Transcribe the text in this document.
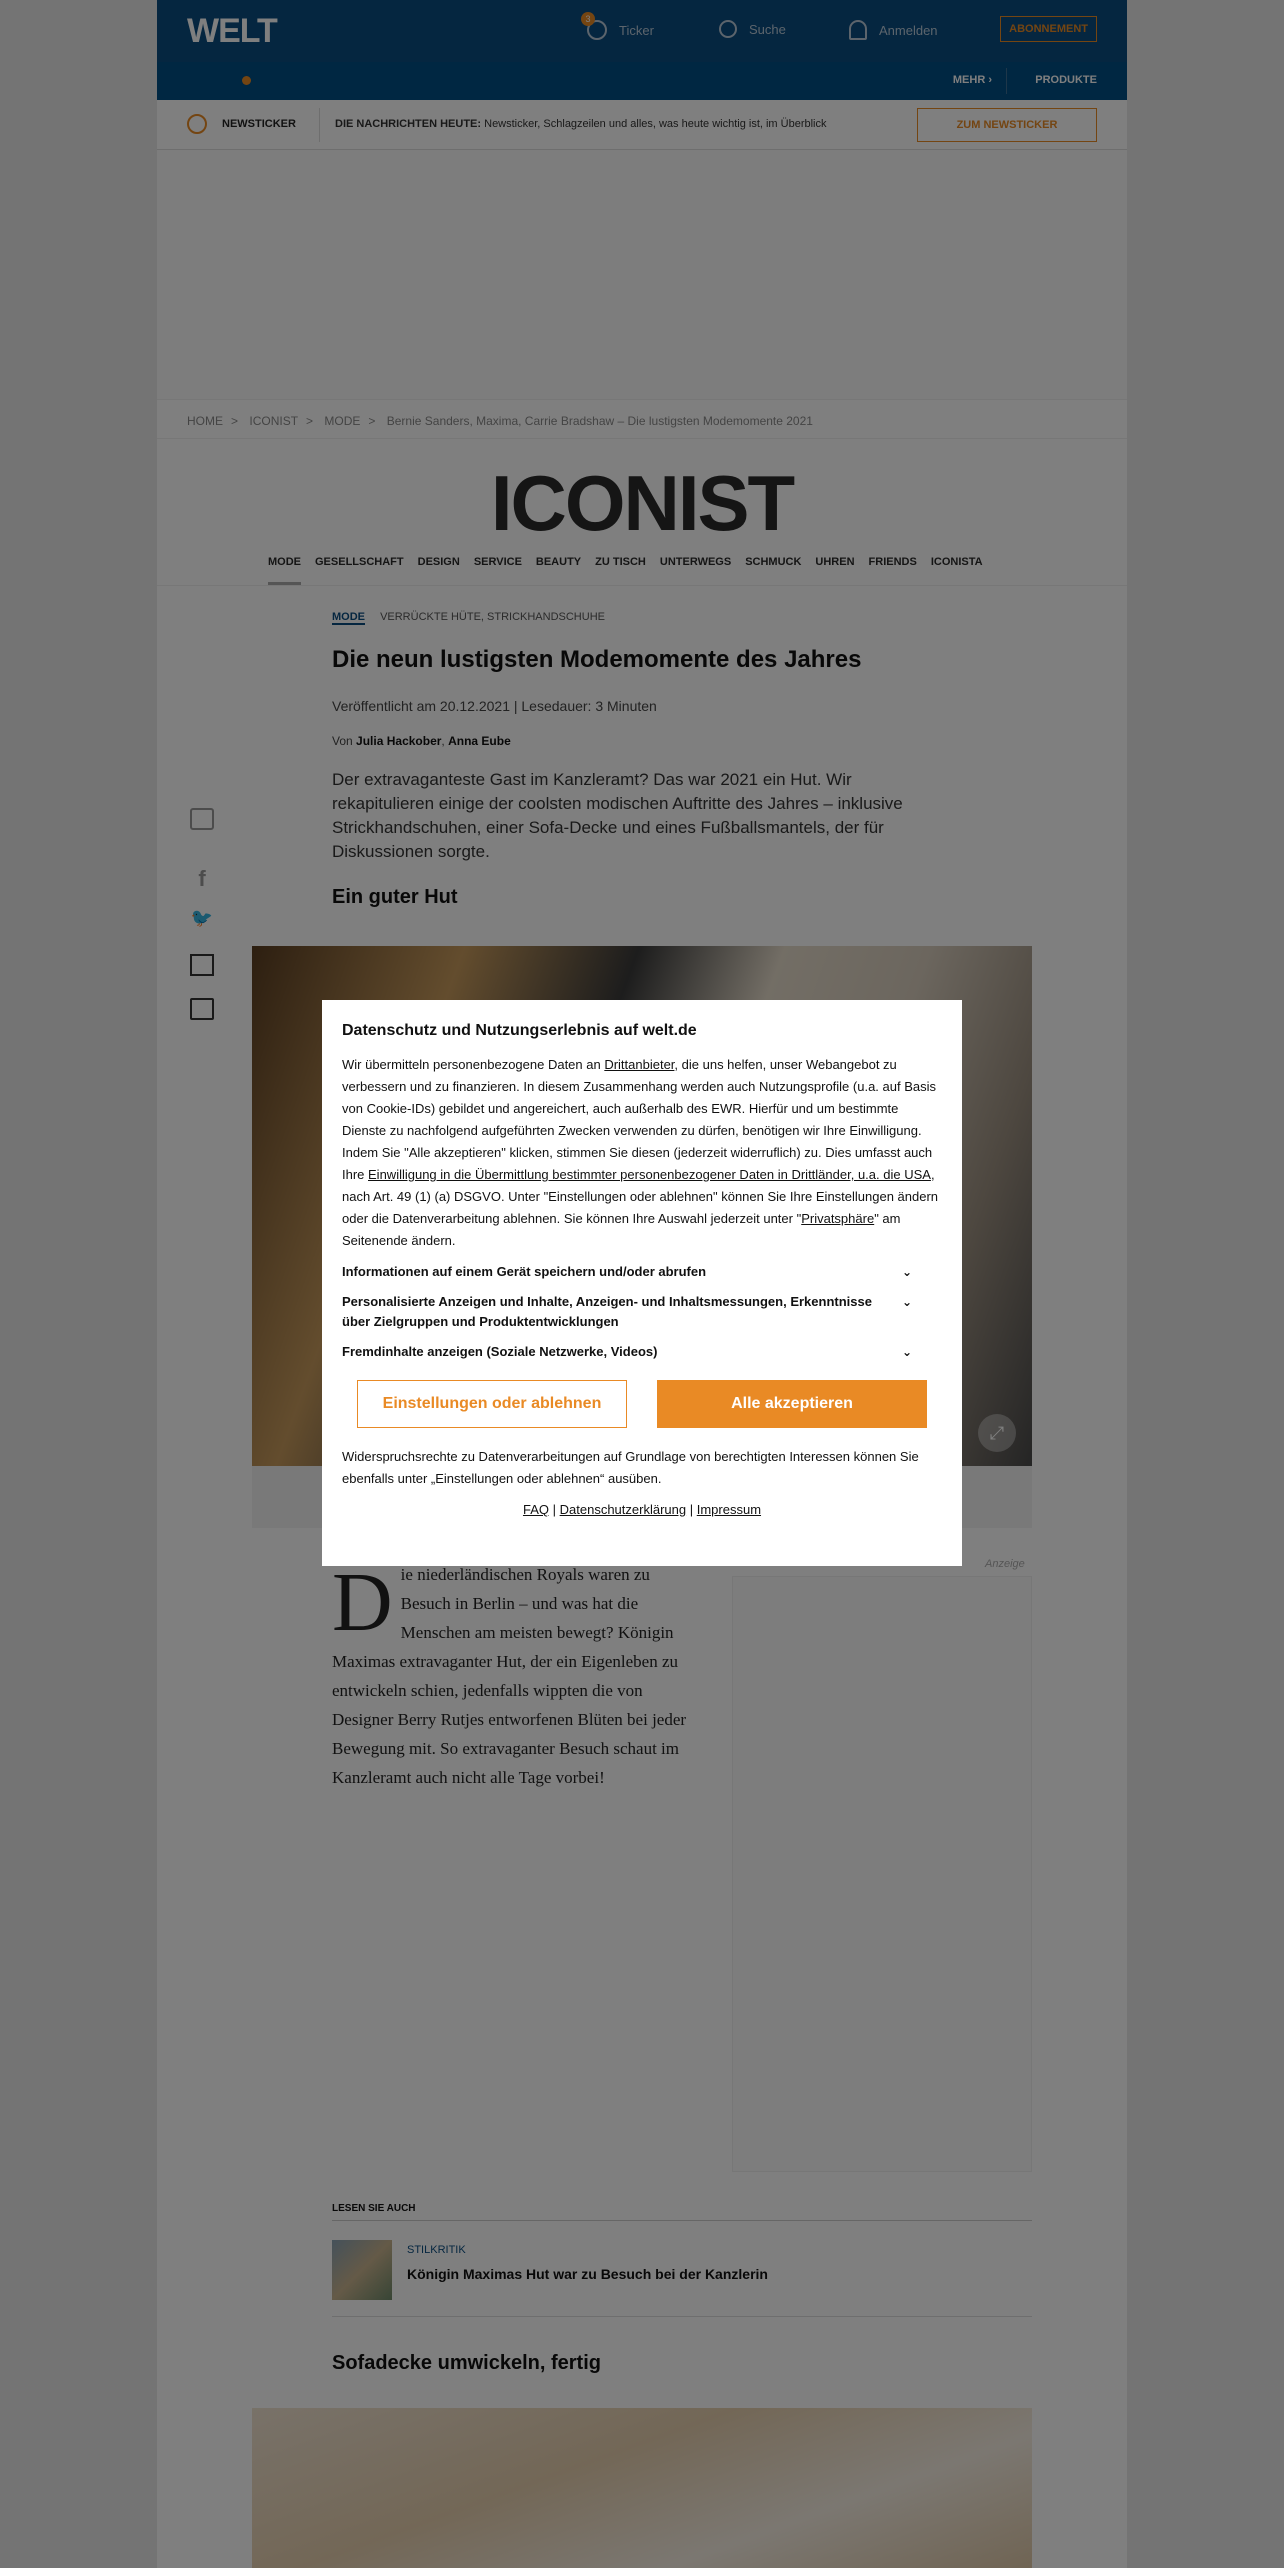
Datenschutz und Nutzungserlebnis auf welt.de

Wir übermitteln personenbezogene Daten an Drittanbieter, die uns helfen, unser Webangebot zu verbessern und zu finanzieren. In diesem Zusammenhang werden auch Nutzungsprofile (u.a. auf Basis von Cookie-IDs) gebildet und angereichert, auch außerhalb des EWR. Hierfür und um bestimmte Dienste zu nachfolgend aufgeführten Zwecken verwenden zu dürfen, benötigen wir Ihre Einwilligung. Indem Sie "Alle akzeptieren" klicken, stimmen Sie diesen (jederzeit widerruflich) zu. Dies umfasst auch Ihre Einwilligung in die Übermittlung bestimmter personenbezogener Daten in Drittländer, u.a. die USA, nach Art. 49 (1) (a) DSGVO. Unter "Einstellungen oder ablehnen" können Sie Ihre Einstellungen ändern oder die Datenverarbeitung ablehnen. Sie können Ihre Auswahl jederzeit unter "Privatsphäre" am Seitenende ändern.

Informationen auf einem Gerät speichern und/oder abrufen	⌄
Personalisierte Anzeigen und Inhalte, Anzeigen- und Inhaltsmessungen, Erkenntnisse über Zielgruppen und Produktentwicklungen
⌄
Fremdinhalte anzeigen (Soziale Netzwerke, Videos)	⌄
Einstellungen oder ablehnen	Alle akzeptieren

Widerspruchsrechte zu Datenverarbeitungen auf Grundlage von berechtigten Interessen können Sie ebenfalls unter „Einstellungen oder ablehnen“ ausüben.

FAQ | Datenschutzerklärung | Impressum
